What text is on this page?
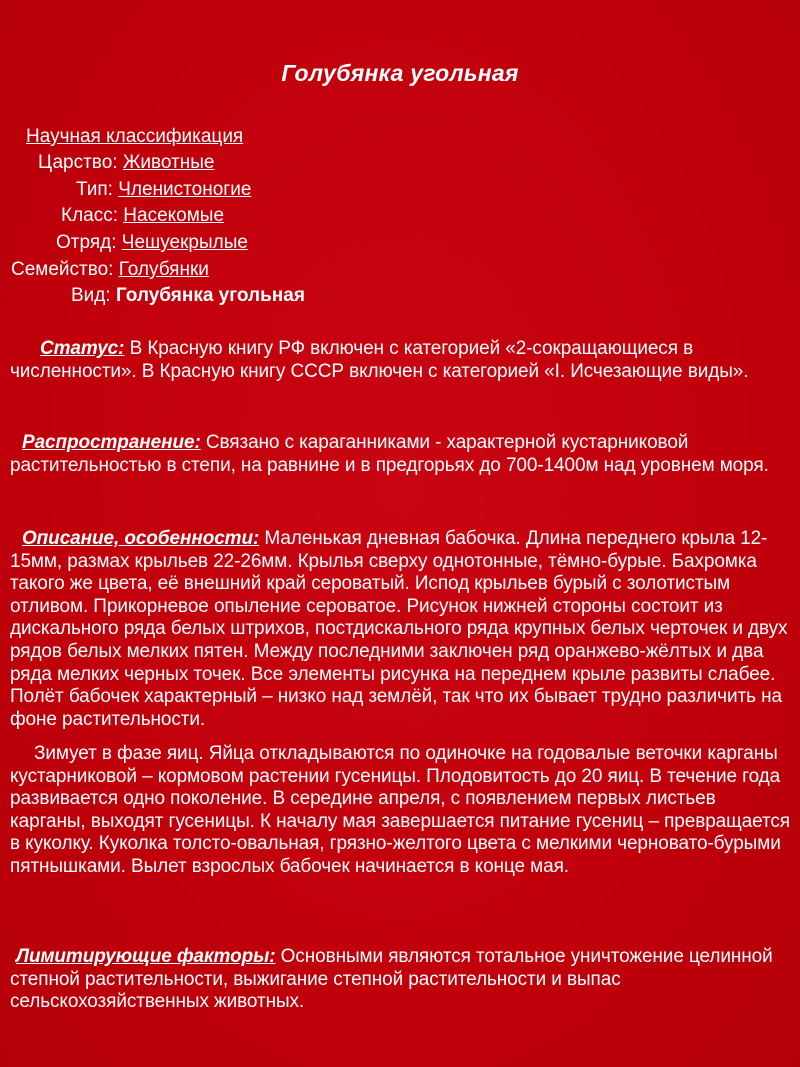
Голубянка угольная
Научная классификация
Царство: Животные
Тип: Членистоногие
Класс: Насекомые
Отряд: Чешуекрылые
Семейство: Голубянки
Вид: Голубянка угольная
Статус: В Красную книгу РФ включен с категорией «2-сокращающиеся в численности». В Красную книгу СССР включен с категорией «I. Исчезающие виды».
Распространение: Связано с караганниками - характерной кустарниковой растительностью в степи, на равнине и в предгорьях до 700-1400м над уровнем моря.
Описание, особенности: Маленькая дневная бабочка. Длина переднего крыла 12-15мм, размах крыльев 22-26мм. Крылья сверху однотонные, тёмно-бурые. Бахромка такого же цвета, её внешний край сероватый. Испод крыльев бурый с золотистым отливом. Прикорневое опыление сероватое. Рисунок нижней стороны состоит из дискального ряда белых штрихов, постдискального ряда крупных белых черточек и двух рядов белых мелких пятен. Между последними заключен ряд оранжево-жёлтых и два ряда мелких черных точек. Все элементы рисунка на переднем крыле развиты слабее. Полёт бабочек характерный – низко над землёй, так что их бывает трудно различить на фоне растительности.
Зимует в фазе яиц. Яйца откладываются по одиночке на годовалые веточки карганы кустарниковой – кормовом растении гусеницы. Плодовитость до 20 яиц. В течение года развивается одно поколение. В середине апреля, с появлением первых листьев карганы, выходят гусеницы. К началу мая завершается питание гусениц – превращается в куколку. Куколка толсто-овальная, грязно-желтого цвета с мелкими черновато-бурыми пятнышками. Вылет взрослых бабочек начинается в конце мая.
Лимитирующие факторы: Основными являются тотальное уничтожение целинной степной растительности, выжигание степной растительности и выпас сельскохозяйственных животных.
